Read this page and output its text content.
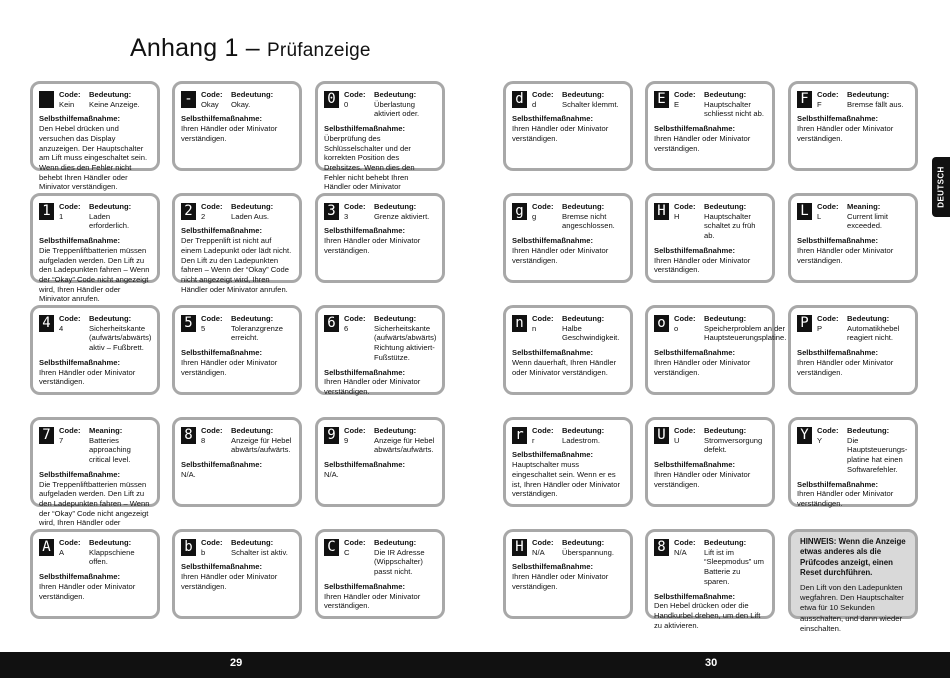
Anhang 1 – Prüfanzeige
Code:
Kein
Bedeutung:
Keine Anzeige.
Selbsthilfemaßnahme:
Den Hebel drücken und versuchen das Display anzuzeigen. Der Hauptschalter am Lift muss eingeschaltet sein. Wenn dies den Fehler nicht behebt Ihren Händler oder Minivator verständigen.
-	Code:
Okay
Bedeutung:
Okay.
Selbsthilfemaßnahme:
Ihren Händler oder Minivator verständigen.
0	Code:
0
Bedeutung:
Überlastung aktiviert oder.
Selbsthilfemaßnahme:
Überprüfung des Schlüsselschalter und der korrekten Position des Drehsitzes. Wenn dies den Fehler nicht behebt Ihren Händler oder Minivator
d	Code:
d
Bedeutung:
Schalter klemmt.
Selbsthilfemaßnahme:
Ihren Händler oder Minivator verständigen.
E	Code:
E
Bedeutung:
Hauptschalter schliesst nicht ab.
Selbsthilfemaßnahme:
Ihren Händler oder Minivator verständigen.
F	Code:
F
Bedeutung:
Bremse fällt aus.
Selbsthilfemaßnahme:
Ihren Händler oder Minivator verständigen.
1	Code:
1
Bedeutung:
Laden erforderlich.
Selbsthilfemaßnahme:
Die Treppenliftbatterien müssen aufgeladen werden. Den Lift zu den Ladepunkten fahren – Wenn der “Okay” Code nicht angezeigt wird, Ihren Händler oder Minivator anrufen.
2	Code:
2
Bedeutung:
Laden Aus.
Selbsthilfemaßnahme:
Der Treppenlift ist nicht auf einem Ladepunkt oder lädt nicht. Den Lift zu den Ladepunkten fahren – Wenn der “Okay” Code nicht angezeigt wird, Ihren Händler oder Minivator anrufen.
3	Code:
3
Bedeutung:
Grenze aktiviert.
Selbsthilfemaßnahme:
Ihren Händler oder Minivator verständigen.
g	Code:
g
Bedeutung:
Bremse nicht angeschlossen.
Selbsthilfemaßnahme:
Ihren Händler oder Minivator verständigen.
H	Code:
H
Bedeutung:
Hauptschalter schaltet zu früh ab.
Selbsthilfemaßnahme:
Ihren Händler oder Minivator verständigen.
L	Code:
L
Meaning:
Current limit exceeded.
Selbsthilfemaßnahme:
Ihren Händler oder Minivator verständigen.
4	Code:
4
Bedeutung:
Sicherheitskante (aufwärts/abwärts) aktiv – Fußbrett.
Selbsthilfemaßnahme:
Ihren Händler oder Minivator verständigen.
5	Code:
5
Bedeutung:
Toleranzgrenze erreicht.
Selbsthilfemaßnahme:
Ihren Händler oder Minivator verständigen.
6	Code:
6
Bedeutung:
Sicherheitskante (aufwärts/abwärts) Richtung aktiviert- Fußstütze.
Selbsthilfemaßnahme:
Ihren Händler oder Minivator verständigen.
n	Code:
n
Bedeutung:
Halbe Geschwindigkeit.
Selbsthilfemaßnahme:
Wenn dauerhaft, Ihren Händler oder Minivator verständigen.
o	Code:
o
Bedeutung:
Speicherproblem an der Hauptsteuerungsplatine.
Selbsthilfemaßnahme:
Ihren Händler oder Minivator verständigen.
P	Code:
P
Bedeutung:
Automatikhebel reagiert nicht.
Selbsthilfemaßnahme:
Ihren Händler oder Minivator verständigen.
7	Code:
7
Meaning:
Batteries approaching critical level.
Selbsthilfemaßnahme:
Die Treppenliftbatterien müssen aufgeladen werden. Den Lift zu den Ladepunkten fahren – Wenn der “Okay” Code nicht angezeigt wird, Ihren Händler oder
8	Code:
8
Bedeutung:
Anzeige für Hebel abwärts/aufwärts.
Selbsthilfemaßnahme:
N/A.
9	Code:
9
Bedeutung:
Anzeige für Hebel abwärts/aufwärts.
Selbsthilfemaßnahme:
N/A.
r	Code:
r
Bedeutung:
Ladestrom.
Selbsthilfemaßnahme:
Hauptschalter muss eingeschaltet sein. Wenn er es ist, Ihren Händler oder Minivator verständigen.
U	Code:
U
Bedeutung:
Stromversorgung defekt.
Selbsthilfemaßnahme:
Ihren Händler oder Minivator verständigen.
Y	Code:
Y
Bedeutung:
Die Hauptsteuerungs-platine hat einen Softwarefehler.
Selbsthilfemaßnahme:
Ihren Händler oder Minivator verständigen.
A	Code:
A
Bedeutung:
Klappschiene offen.
Selbsthilfemaßnahme:
Ihren Händler oder Minivator verständigen.
b	Code:
b
Bedeutung:
Schalter ist aktiv.
Selbsthilfemaßnahme:
Ihren Händler oder Minivator verständigen.
C	Code:
C
Bedeutung:
Die IR Adresse (Wippschalter) passt nicht.
Selbsthilfemaßnahme:
Ihren Händler oder Minivator verständigen.
H	Code:
N/A
Bedeutung:
Überspannung.
Selbsthilfemaßnahme:
Ihren Händler oder Minivator verständigen.
8	Code:
N/A
Bedeutung:
Lift ist im “Sleepmodus” um Batterie zu sparen.
Selbsthilfemaßnahme:
Den Hebel drücken oder die Handkurbel drehen, um den Lift zu aktivieren.
HINWEIS: Wenn die Anzeige etwas anderes als die Prüfcodes anzeigt, einen Reset durchführen.
Den Lift von den Ladepunkten wegfahren. Den Hauptschalter etwa für 10 Sekunden ausschalten, und dann wieder einschalten.
DEUTSCH
29	30
